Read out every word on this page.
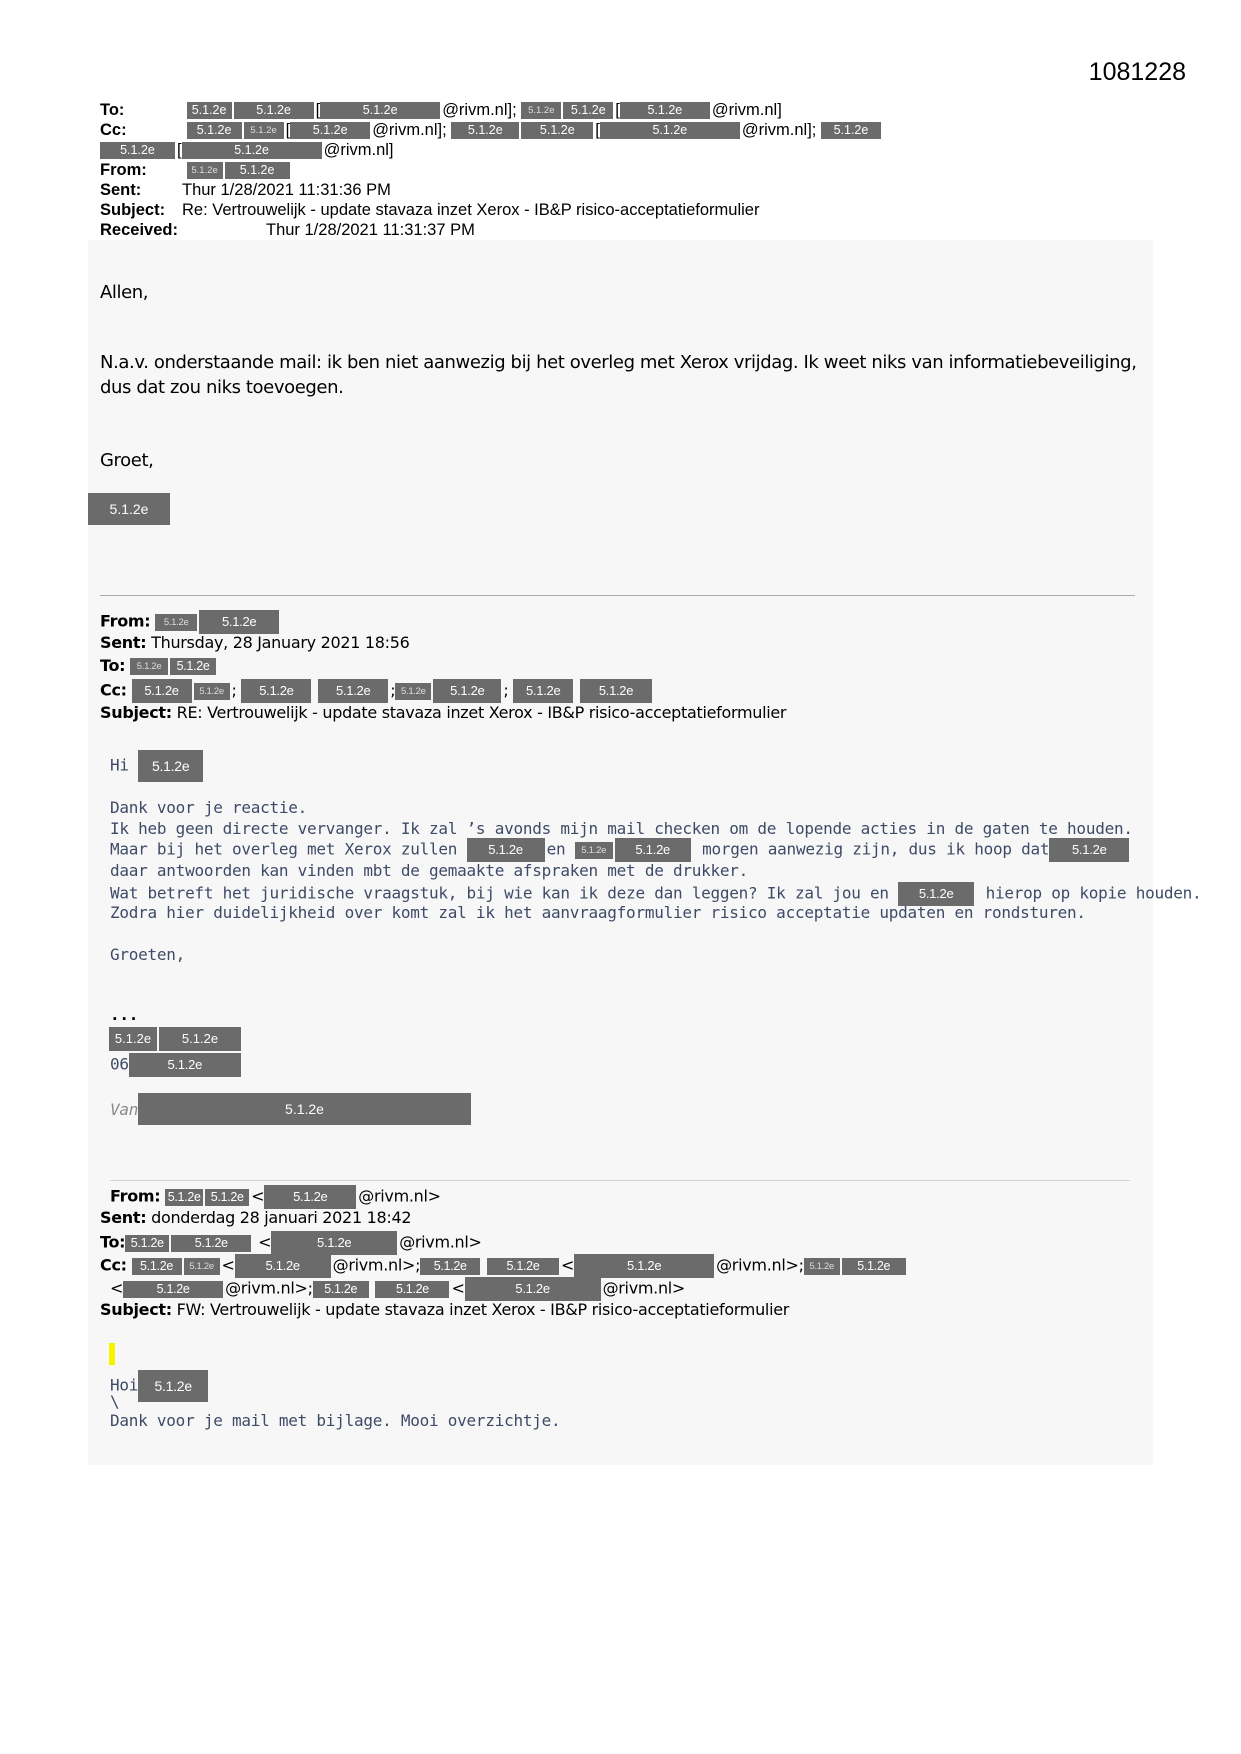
1081228
To:	5.1.2e 5.1.2e [	5.1.2e	@rivm.nl]; 5.1.2e 5.1.2e [ 5.1.2e @rivm.nl]
Cc:	5.1.2e 5.1.2e [ 5.1.2e @rivm.nl]; 5.1.2e	5.1.2e [	5.1.2e	@rivm.nl]; 5.1.2e
5.1.2e [	5.1.2e	@rivm.nl]
From:	5.1.2e 5.1.2e
Sent: Thur 1/28/2021 11:31:36 PM
Subject: Re: Vertrouwelijk - update stavaza inzet Xerox - IB&P risico-acceptatieformulier
Received:	Thur 1/28/2021 11:31:37 PM
Allen,
N.a.v. onderstaande mail: ik ben niet aanwezig bij het overleg met Xerox vrijdag. Ik weet niks van informatiebeveiliging,
dus dat zou niks toevoegen.
Groet,
5.1.2e
From: 5.1.2e	5.1.2e
Sent: Thursday, 28 January 2021 18:56
To: 5.1.2e 5.1.2e
Cc: 5.1.2e 5.1.2e ; 5.1.2e	5.1.2e ; 5.1.2e 5.1.2e ; 5.1.2e	5.1.2e
Subject: RE: Vertrouwelijk - update stavaza inzet Xerox - IB&P risico-acceptatieformulier
Hi 5.1.2e
Dank voor je reactie.
Ik heb geen directe vervanger. Ik zal ’s avonds mijn mail checken om de lopende acties in de gaten te houden.
Maar bij het overleg met Xerox zullen 5.1.2e en 5.1.2e 5.1.2e morgen aanwezig zijn, dus ik hoop dat 5.1.2e
daar antwoorden kan vinden mbt de gemaakte afspraken met de drukker.
Wat betreft het juridische vraagstuk, bij wie kan ik deze dan leggen? Ik zal jou en 5.1.2e hierop op kopie houden.
Zodra hier duidelijkheid over komt zal ik het aanvraagformulier risico acceptatie updaten en rondsturen.
Groeten,
...
5.1.2e 5.1.2e
06	5.1.2e
Van	5.1.2e
From: 5.1.2e 5.1.2e < 5.1.2e @rivm.nl>
Sent: donderdag 28 januari 2021 18:42
To: 5.1.2e 5.1.2e <	5.1.2e	@rivm.nl>
Cc: 5.1.2e 5.1.2e < 5.1.2e @rivm.nl>; 5.1.2e	5.1.2e <	5.1.2e	@rivm.nl>; 5.1.2e 5.1.2e
<	5.1.2e @rivm.nl>; 5.1.2e	5.1.2e <	5.1.2e	@rivm.nl>
Subject: FW: Vertrouwelijk - update stavaza inzet Xerox - IB&P risico-acceptatieformulier
Hoi 5.1.2e
\
Dank voor je mail met bijlage. Mooi overzichtje.
